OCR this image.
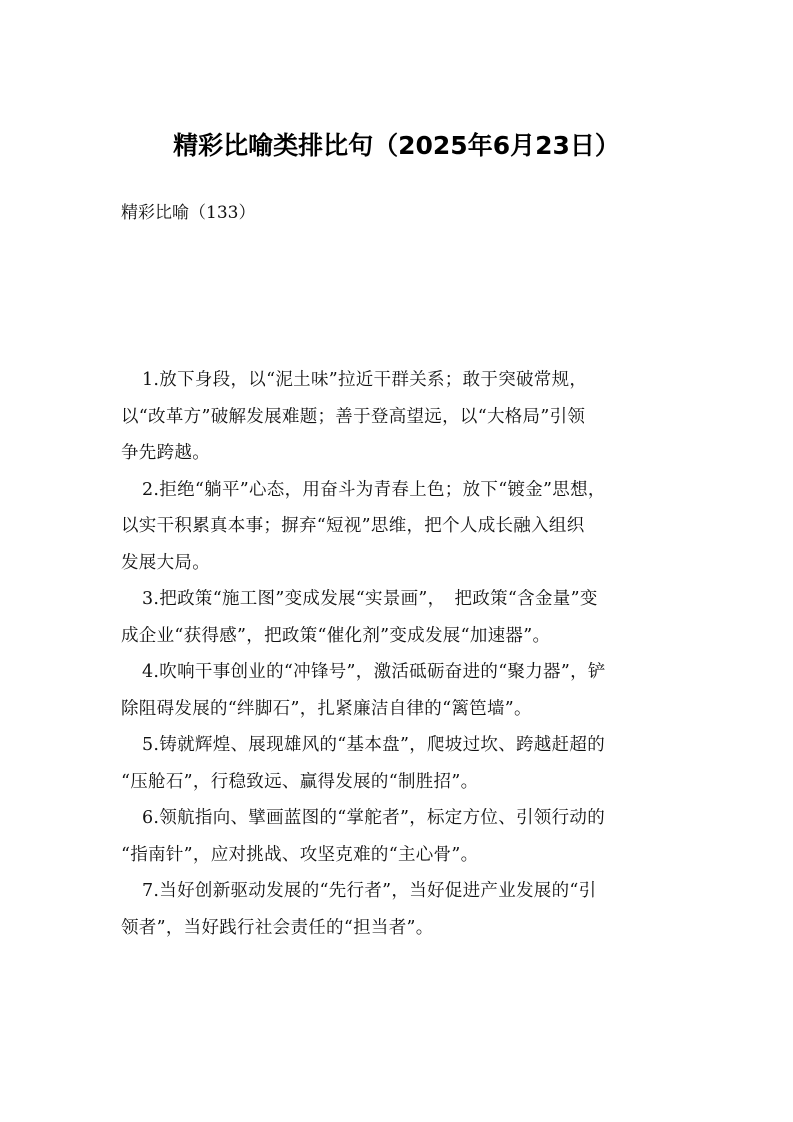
精彩比喻类排比句（2025年6月23日）

精彩比喻（133）

1.放下身段，以“泥土味”拉近干群关系；敢于突破常规，
以“改革方”破解发展难题；善于登高望远，以“大格局”引领
争先跨越。

2.拒绝“躺平”心态，用奋斗为青春上色；放下“镀金”思想，
以实干积累真本事；摒弃“短视”思维，把个人成长融入组织
发展大局。

3.把政策“施工图”变成发展“实景画”，　把政策“含金量”变
成企业“获得感”，把政策“催化剂”变成发展“加速器”。

4.吹响干事创业的“冲锋号”，激活砥砺奋进的“聚力器”，铲
除阻碍发展的“绊脚石”，扎紧廉洁自律的“篱笆墙”。

5.铸就辉煌、展现雄风的“基本盘”，爬坡过坎、跨越赶超的
“压舱石”，行稳致远、赢得发展的“制胜招”。

6.领航指向、擘画蓝图的“掌舵者”，标定方位、引领行动的
“指南针”，应对挑战、攻坚克难的“主心骨”。

7.当好创新驱动发展的“先行者”，当好促进产业发展的“引
领者”，当好践行社会责任的“担当者”。
